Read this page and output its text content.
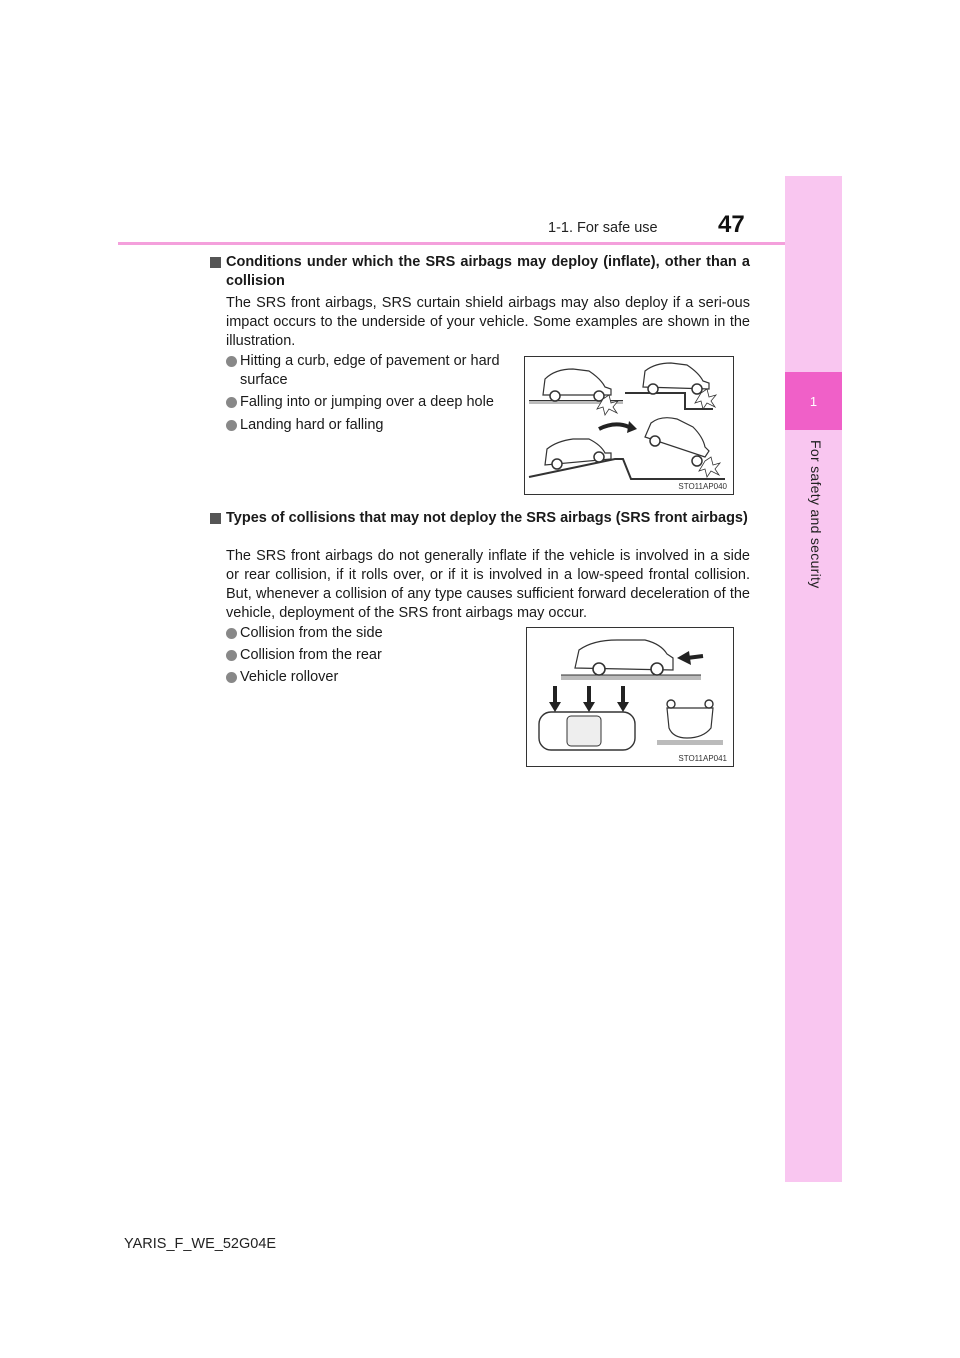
1-1. For safe use	47
1
For safety and security
Conditions under which the SRS airbags may deploy (inflate), other than a collision
The SRS front airbags, SRS curtain shield airbags may also deploy if a seri-ous impact occurs to the underside of your vehicle. Some examples are shown in the illustration.
Hitting a curb, edge of pavement or hard surface
Falling into or jumping over a deep hole
Landing hard or falling
STO11AP040
Types of collisions that may not deploy the SRS airbags (SRS front airbags)
The SRS front airbags do not generally inflate if the vehicle is involved in a side or rear collision, if it rolls over, or if it is involved in a low-speed frontal collision. But, whenever a collision of any type causes sufficient forward deceleration of the vehicle, deployment of the SRS front airbags may occur.
Collision from the side
Collision from the rear
Vehicle rollover
STO11AP041
YARIS_F_WE_52G04E
